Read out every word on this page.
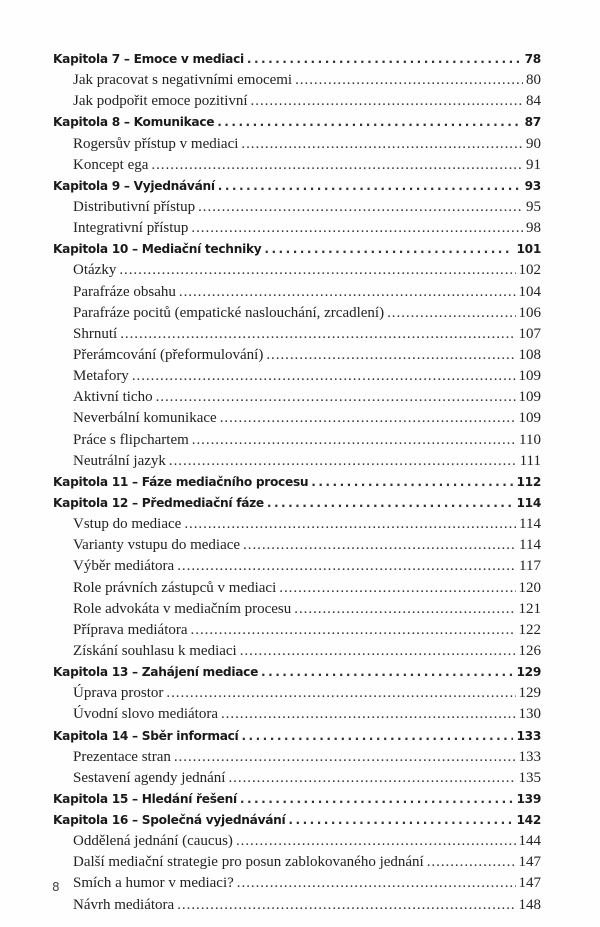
Kapitola 7 – Emoce v mediaci . . .	78
Jak pracovat s negativními emocemi . . .	80
Jak podpořit emoce pozitivní . . .	84
Kapitola 8 – Komunikace . . .	87
Rogersův přístup v mediaci . . .	90
Koncept ega . . .	91
Kapitola 9 – Vyjednávání . . .	93
Distributivní přístup . . .	95
Integrativní přístup . . .	98
Kapitola 10 – Mediační techniky . . .	101
Otázky . . .	102
Parafráze obsahu . . .	104
Parafráze pocitů (empatické naslouchání, zrcadlení) . . .	106
Shrnutí . . .	107
Přerámcování (přeformulování) . . .	108
Metafory . . .	109
Aktivní ticho . . .	109
Neverbální komunikace . . .	109
Práce s flipchartem . . .	110
Neutrální jazyk . . .	111
Kapitola 11 – Fáze mediačního procesu . . .	112
Kapitola 12 – Předmediační fáze . . .	114
Vstup do mediace . . .	114
Varianty vstupu do mediace . . .	114
Výběr mediátora . . .	117
Role právních zástupců v mediaci . . .	120
Role advokáta v mediačním procesu . . .	121
Příprava mediátora . . .	122
Získání souhlasu k mediaci . . .	126
Kapitola 13 – Zahájení mediace . . .	129
Úprava prostor . . .	129
Úvodní slovo mediátora . . .	130
Kapitola 14 – Sběr informací . . .	133
Prezentace stran . . .	133
Sestavení agendy jednání . . .	135
Kapitola 15 – Hledání řešení . . .	139
Kapitola 16 – Společná vyjednávání . . .	142
Oddělená jednání (caucus) . . .	144
Další mediační strategie pro posun zablokovaného jednání . . .	147
Smích a humor v mediaci? . . .	147
Návrh mediátora . . .	148
8
